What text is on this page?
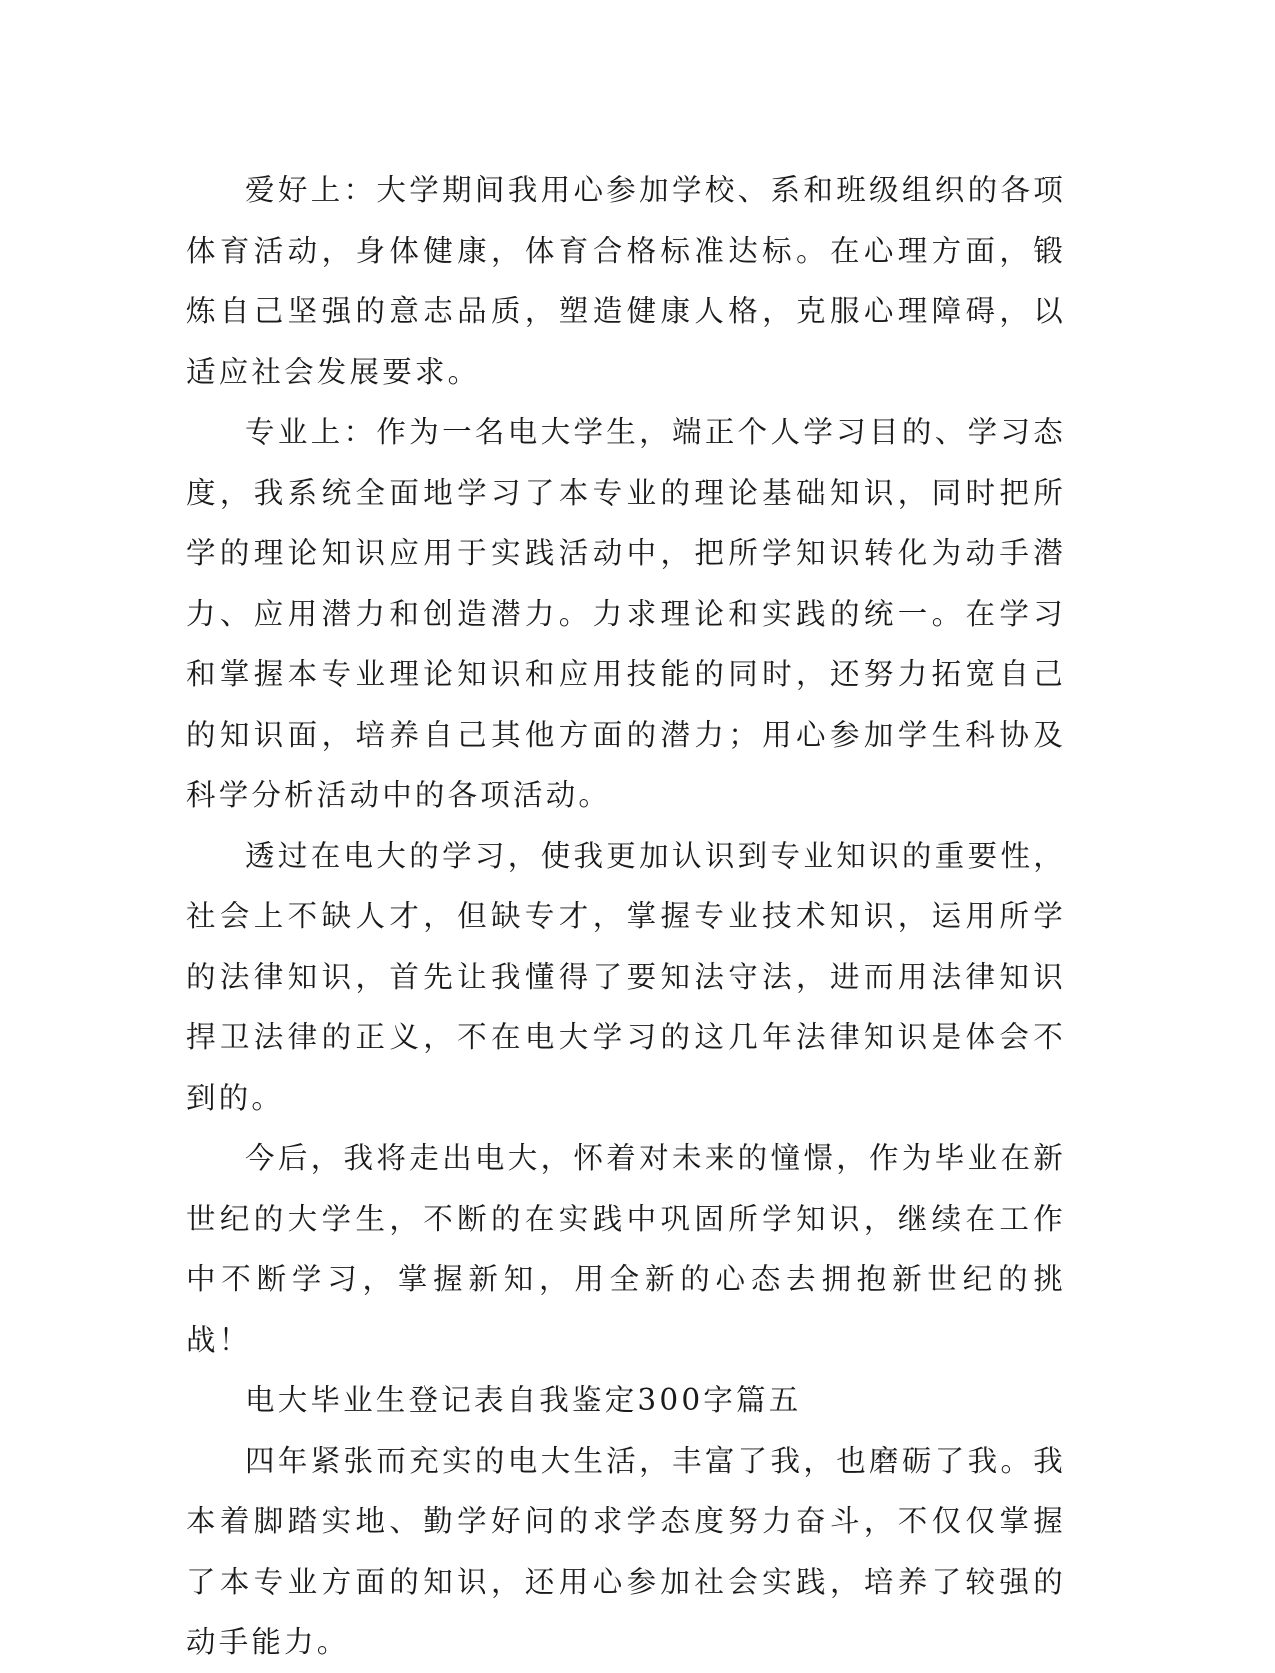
爱好上：大学期间我用心参加学校、系和班级组织的各项体育活动，身体健康，体育合格标准达标。在心理方面，锻炼自己坚强的意志品质，塑造健康人格，克服心理障碍，以适应社会发展要求。

专业上：作为一名电大学生，端正个人学习目的、学习态度，我系统全面地学习了本专业的理论基础知识，同时把所学的理论知识应用于实践活动中，把所学知识转化为动手潜力、应用潜力和创造潜力。力求理论和实践的统一。在学习和掌握本专业理论知识和应用技能的同时，还努力拓宽自己的知识面，培养自己其他方面的潜力；用心参加学生科协及科学分析活动中的各项活动。

透过在电大的学习，使我更加认识到专业知识的重要性，社会上不缺人才，但缺专才，掌握专业技术知识，运用所学的法律知识，首先让我懂得了要知法守法，进而用法律知识捍卫法律的正义，不在电大学习的这几年法律知识是体会不到的。

今后，我将走出电大，怀着对未来的憧憬，作为毕业在新世纪的大学生，不断的在实践中巩固所学知识，继续在工作中不断学习，掌握新知，用全新的心态去拥抱新世纪的挑战！

电大毕业生登记表自我鉴定300字篇五

四年紧张而充实的电大生活，丰富了我，也磨砺了我。我本着脚踏实地、勤学好问的求学态度努力奋斗，不仅仅掌握了本专业方面的知识，还用心参加社会实践，培养了较强的动手能力。
